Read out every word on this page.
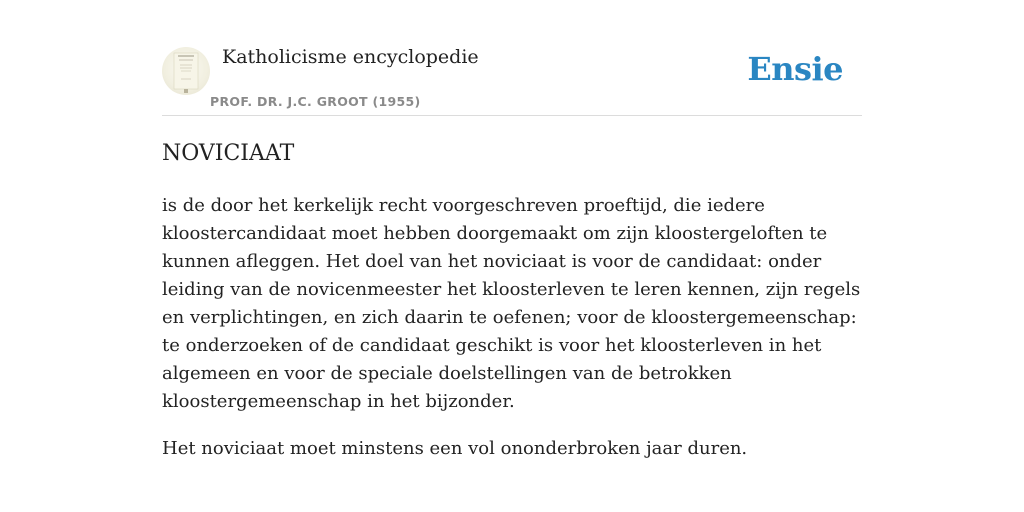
Katholicisme encyclopedie
PROF. DR. J.C. GROOT (1955)
Ensie
NOVICIAAT

is de door het kerkelijk recht voorgeschreven proeftijd, die iedere kloostercandidaat moet hebben doorgemaakt om zijn kloostergeloften te kunnen afleggen. Het doel van het noviciaat is voor de candidaat: onder leiding van de novicenmeester het kloosterleven te leren kennen, zijn regels en verplichtingen, en zich daarin te oefenen; voor de kloostergemeenschap: te onderzoeken of de candidaat geschikt is voor het kloosterleven in het algemeen en voor de speciale doelstellingen van de betrokken kloostergemeenschap in het bijzonder.

Het noviciaat moet minstens een vol ononderbroken jaar duren.
